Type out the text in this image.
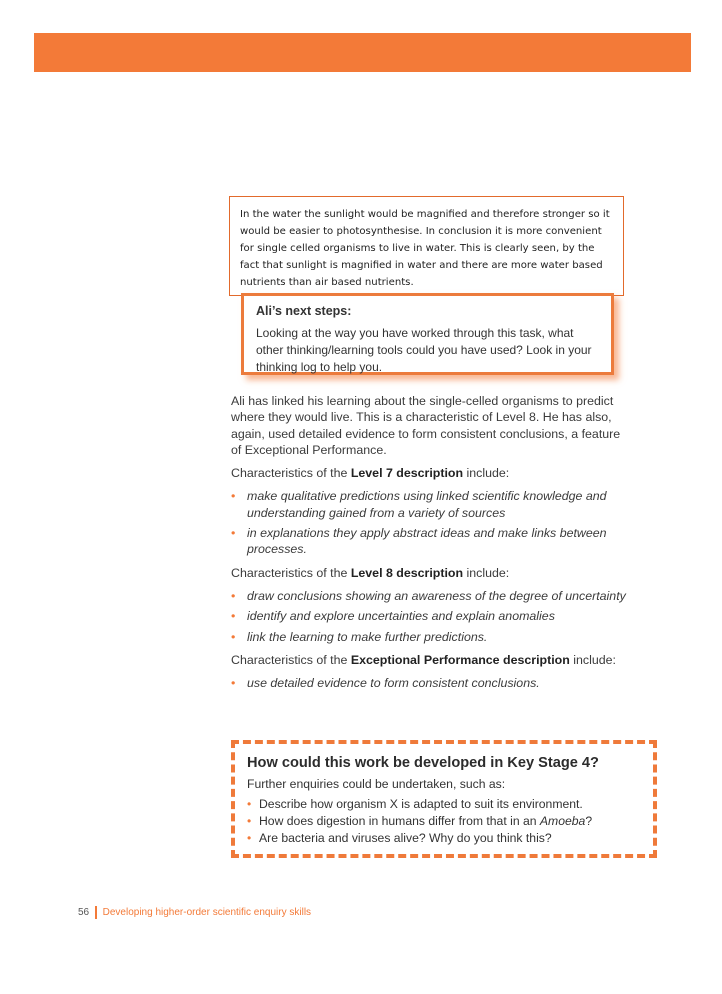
In the water the sunlight would be magnified and therefore stronger so it would be easier to photosynthesise. In conclusion it is more convenient for single celled organisms to live in water. This is clearly seen, by the fact that sunlight is magnified in water and there are more water based nutrients than air based nutrients.

Ali’s next steps:
Looking at the way you have worked through this task, what other thinking/learning tools could you have used? Look in your thinking log to help you.

Ali has linked his learning about the single-celled organisms to predict where they would live. This is a characteristic of Level 8. He has also, again, used detailed evidence to form consistent conclusions, a feature of Exceptional Performance.

Characteristics of the Level 7 description include:

• make qualitative predictions using linked scientific knowledge and understanding gained from a variety of sources
• in explanations they apply abstract ideas and make links between processes.

Characteristics of the Level 8 description include:

• draw conclusions showing an awareness of the degree of uncertainty
• identify and explore uncertainties and explain anomalies
• link the learning to make further predictions.

Characteristics of the Exceptional Performance description include:

• use detailed evidence to form consistent conclusions.
How could this work be developed in Key Stage 4?
Further enquiries could be undertaken, such as:
• Describe how organism X is adapted to suit its environment.
• How does digestion in humans differ from that in an Amoeba?
• Are bacteria and viruses alive? Why do you think this?
56 Developing higher-order scientific enquiry skills
